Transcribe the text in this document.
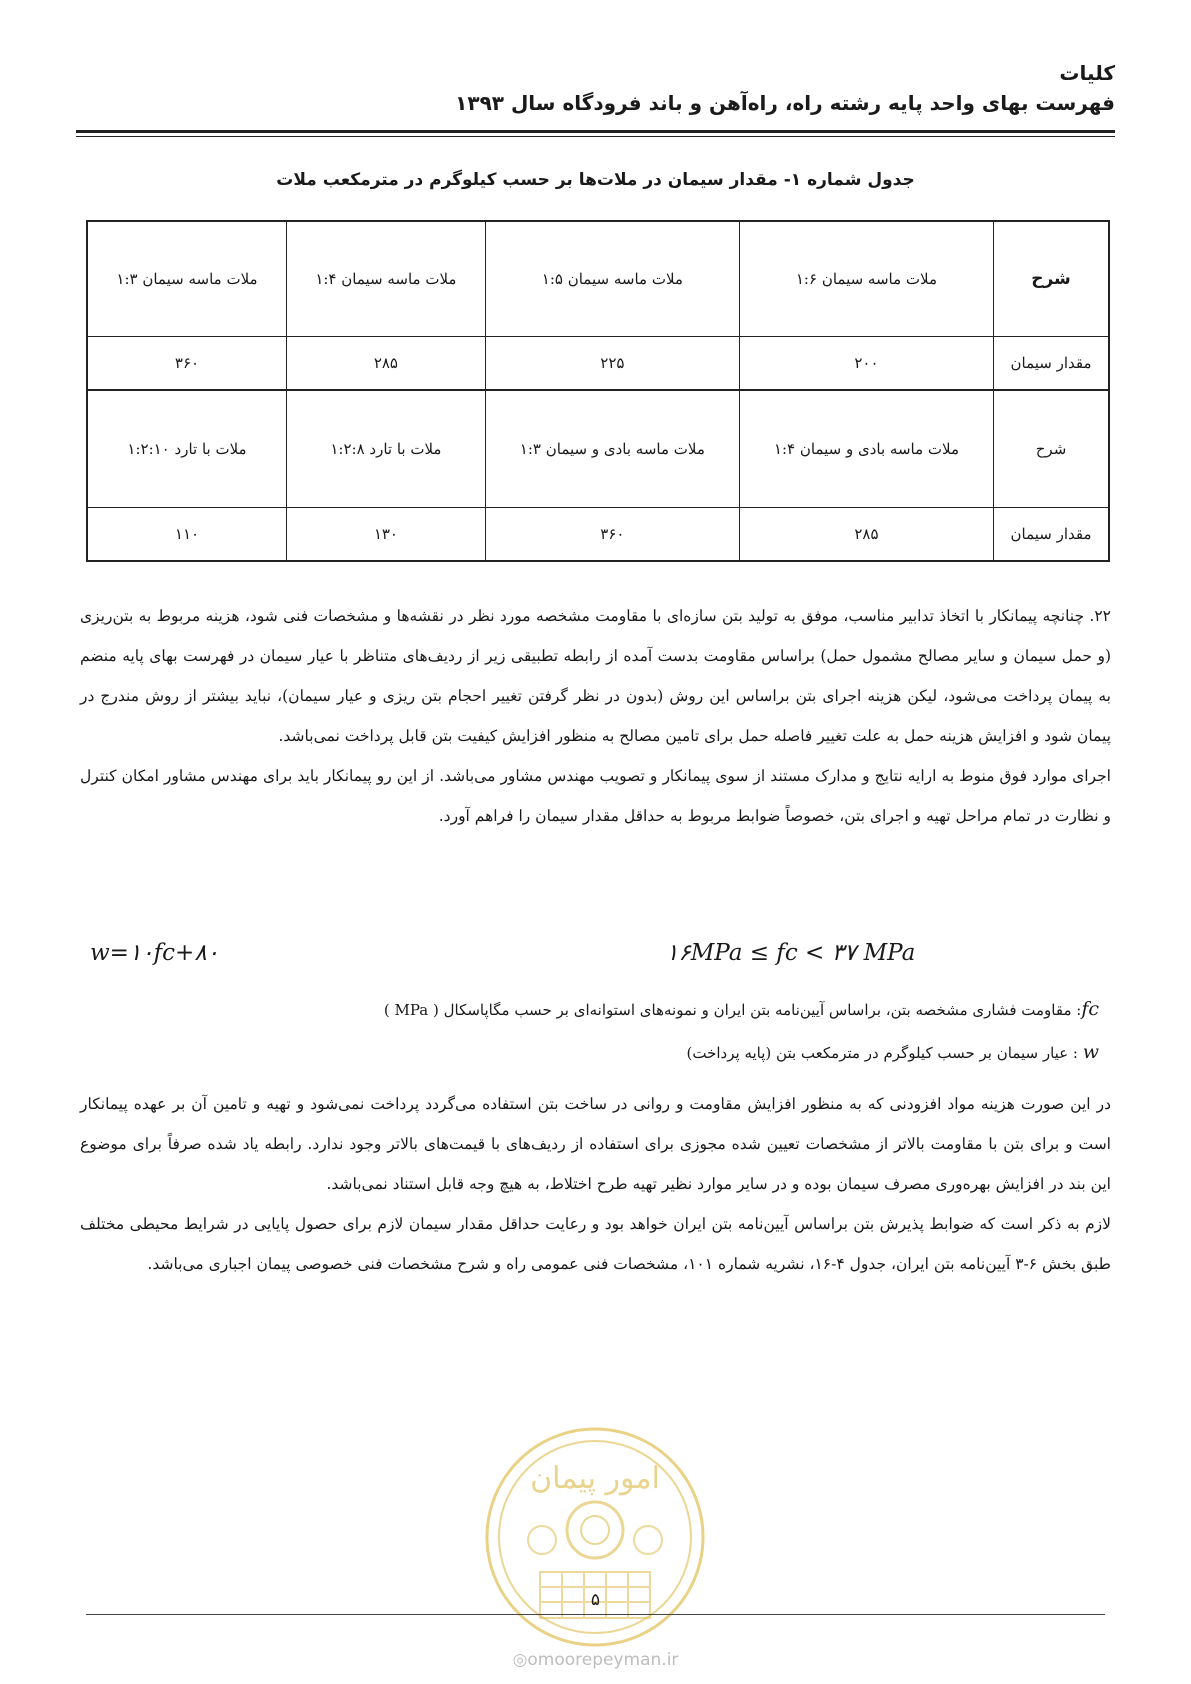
کلیات
فهرست بهای واحد پایه رشته راه، راه‌آهن و باند فرودگاه سال ۱۳۹۳
جدول شماره ۱- مقدار سیمان در ملات‌ها بر حسب کیلوگرم در مترمکعب ملات
شرح	ملات ماسه سیمان ۱:۶	ملات ماسه سیمان ۱:۵	ملات ماسه سیمان ۱:۴	ملات ماسه سیمان ۱:۳
مقدار سیمان	۲۰۰	۲۲۵	۲۸۵	۳۶۰
شرح	ملات ماسه بادی و سیمان ۱:۴	ملات ماسه بادی و سیمان ۱:۳	ملات با تارد ۱:۲:۸	ملات با تارد ۱:۲:۱۰
مقدار سیمان	۲۸۵	۳۶۰	۱۳۰	۱۱۰

۲۲. چنانچه پیمانکار با اتخاذ تدابیر مناسب، موفق به تولید بتن سازه‌ای با مقاومت مشخصه مورد نظر در نقشه‌ها و مشخصات فنی شود، هزینه مربوط به بتن‌ریزی (و حمل سیمان و سایر مصالح مشمول حمل) براساس مقاومت بدست آمده از رابطه تطبیقی زیر از ردیف‌های متناظر با عیار سیمان در فهرست بهای پایه منضم به پیمان پرداخت می‌شود، لیکن هزینه اجرای بتن براساس این روش (بدون در نظر گرفتن تغییر احجام بتن ریزی و عیار سیمان)، نباید بیشتر از روش مندرج در پیمان شود و افزایش هزینه حمل به علت تغییر فاصله حمل برای تامین مصالح به منظور افزایش کیفیت بتن قابل پرداخت نمی‌باشد.

اجرای موارد فوق منوط به ارایه نتایج و مدارک مستند از سوی پیمانکار و تصویب مهندس مشاور می‌باشد. از این رو پیمانکار باید برای مهندس مشاور امکان کنترل و نظارت در تمام مراحل تهیه و اجرای بتن، خصوصاً ضوابط مربوط به حداقل مقدار سیمان را فراهم آورد.

w=۱۰fc+۸۰	۱۶MPa ≤ fc < ۳۷ MPa

fc: مقاومت فشاری مشخصه بتن، براساس آیین‌نامه بتن ایران و نمونه‌های استوانه‌ای بر حسب مگاپاسکال ( MPa )

w : عیار سیمان بر حسب کیلوگرم در مترمکعب بتن (پایه پرداخت)

در این صورت هزینه مواد افزودنی که به منظور افزایش مقاومت و روانی در ساخت بتن استفاده می‌گردد پرداخت نمی‌شود و تهیه و تامین آن بر عهده پیمانکار است و برای بتن با مقاومت بالاتر از مشخصات تعیین شده مجوزی برای استفاده از ردیف‌های با قیمت‌های بالاتر وجود ندارد. رابطه یاد شده صرفاً برای موضوع این بند در افزایش بهره‌وری مصرف سیمان بوده و در سایر موارد نظیر تهیه طرح اختلاط، به هیچ وجه قابل استناد نمی‌باشد.

لازم به ذکر است که ضوابط پذیرش بتن براساس آیین‌نامه بتن ایران خواهد بود و رعایت حداقل مقدار سیمان لازم برای حصول پایایی در شرایط محیطی مختلف طبق بخش ۶-۳ آیین‌نامه بتن ایران، جدول ۴-۱۶، نشریه شماره ۱۰۱، مشخصات فنی عمومی راه و شرح مشخصات فنی خصوصی پیمان اجباری می‌باشد.

امور پیمان
۵
◎omoorepeyman.ir
